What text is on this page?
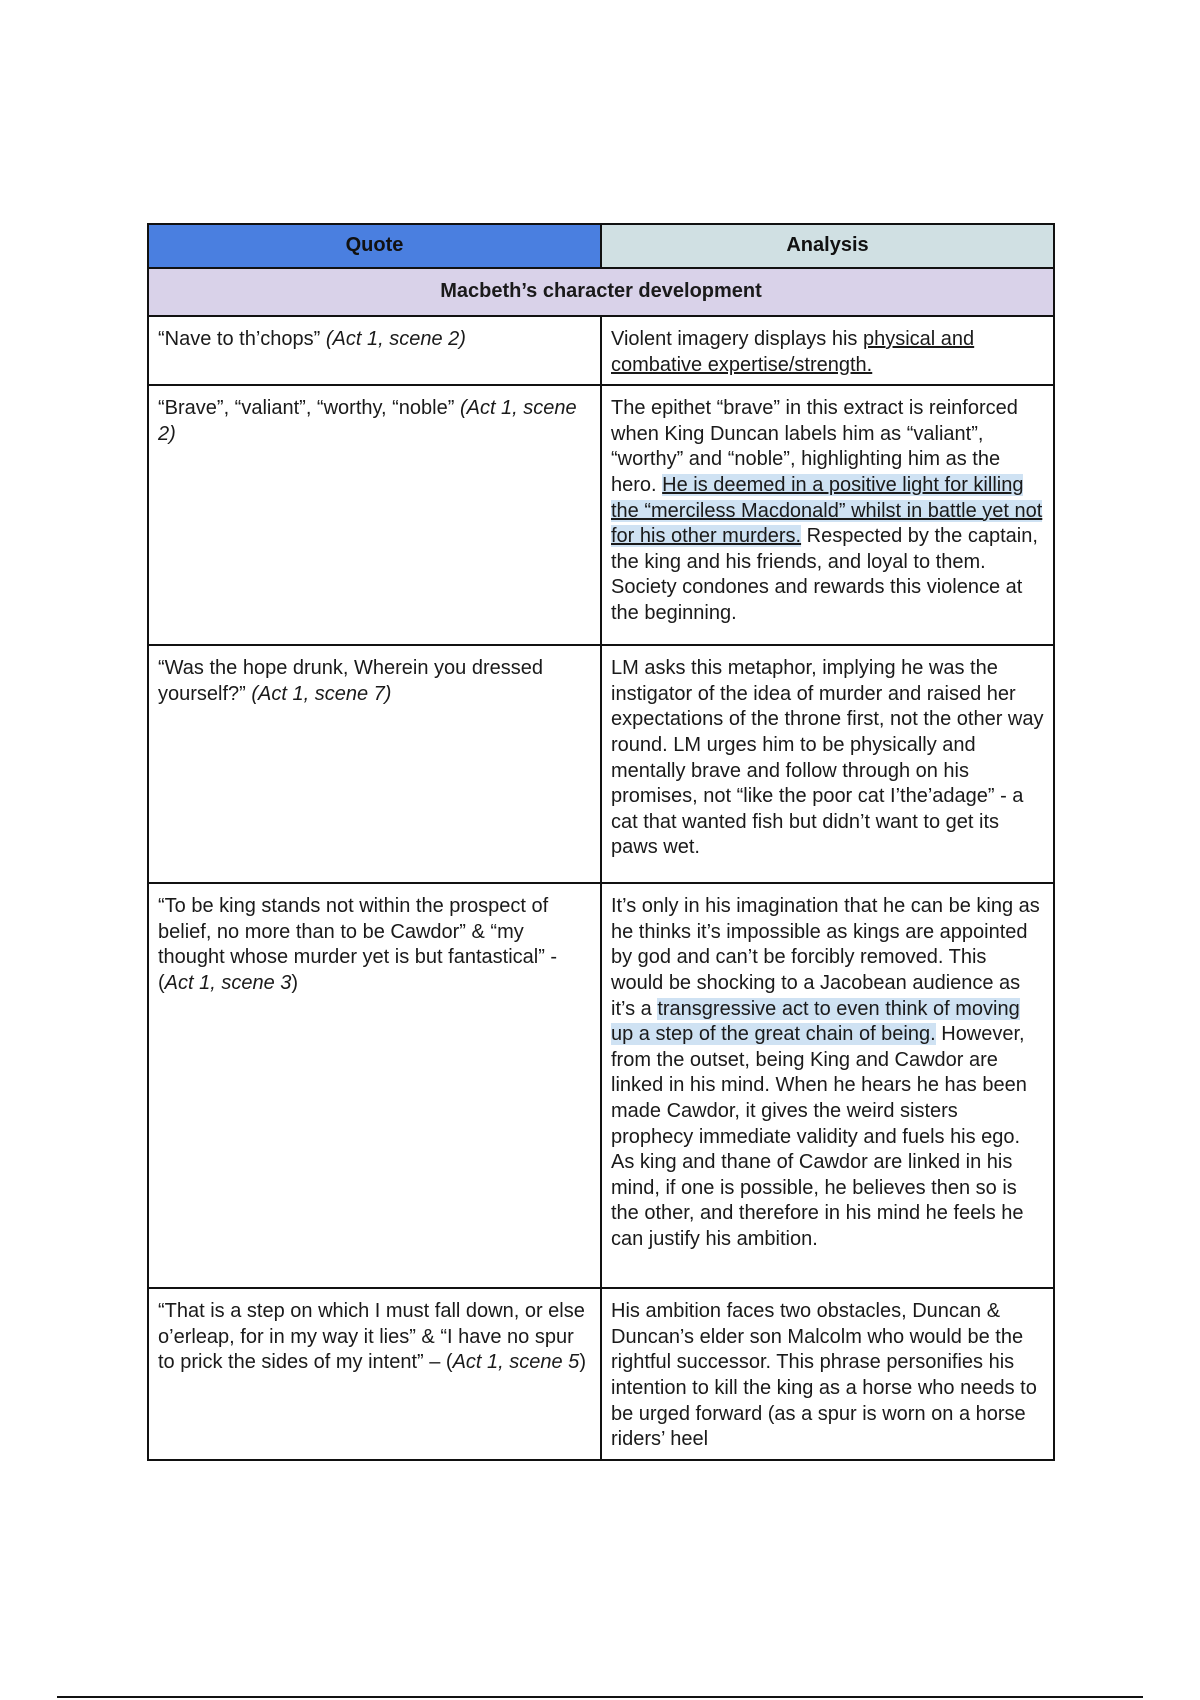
Quote	Analysis
Macbeth’s character development	
“Nave to th’chops” (Act 1, scene 2)	Violent imagery displays his physical and combative expertise/strength.
“Brave”, “valiant”, “worthy, “noble” (Act 1, scene 2)	The epithet “brave” in this extract is reinforced when King Duncan labels him as “valiant”, “worthy” and “noble”, highlighting him as the hero. He is deemed in a positive light for killing the “merciless Macdonald” whilst in battle yet not for his other murders. Respected by the captain, the king and his friends, and loyal to them. Society condones and rewards this violence at the beginning.
“Was the hope drunk, Wherein you dressed yourself?” (Act 1, scene 7)	LM asks this metaphor, implying he was the instigator of the idea of murder and raised her expectations of the throne first, not the other way round. LM urges him to be physically and mentally brave and follow through on his promises, not “like the poor cat I’the’adage” - a cat that wanted fish but didn’t want to get its paws wet.
“To be king stands not within the prospect of belief, no more than to be Cawdor” & “my thought whose murder yet is but fantastical” - (Act 1, scene 3)	It’s only in his imagination that he can be king as he thinks it’s impossible as kings are appointed by god and can’t be forcibly removed. This would be shocking to a Jacobean audience as it’s a transgressive act to even think of moving up a step of the great chain of being. However, from the outset, being King and Cawdor are linked in his mind. When he hears he has been made Cawdor, it gives the weird sisters prophecy immediate validity and fuels his ego. As king and thane of Cawdor are linked in his mind, if one is possible, he believes then so is the other, and therefore in his mind he feels he can justify his ambition.
“That is a step on which I must fall down, or else o’erleap, for in my way it lies” & “I have no spur to prick the sides of my intent” – (Act 1, scene 5)	His ambition faces two obstacles, Duncan & Duncan’s elder son Malcolm who would be the rightful successor. This phrase personifies his intention to kill the king as a horse who needs to be urged forward (as a spur is worn on a horse riders’ heel
